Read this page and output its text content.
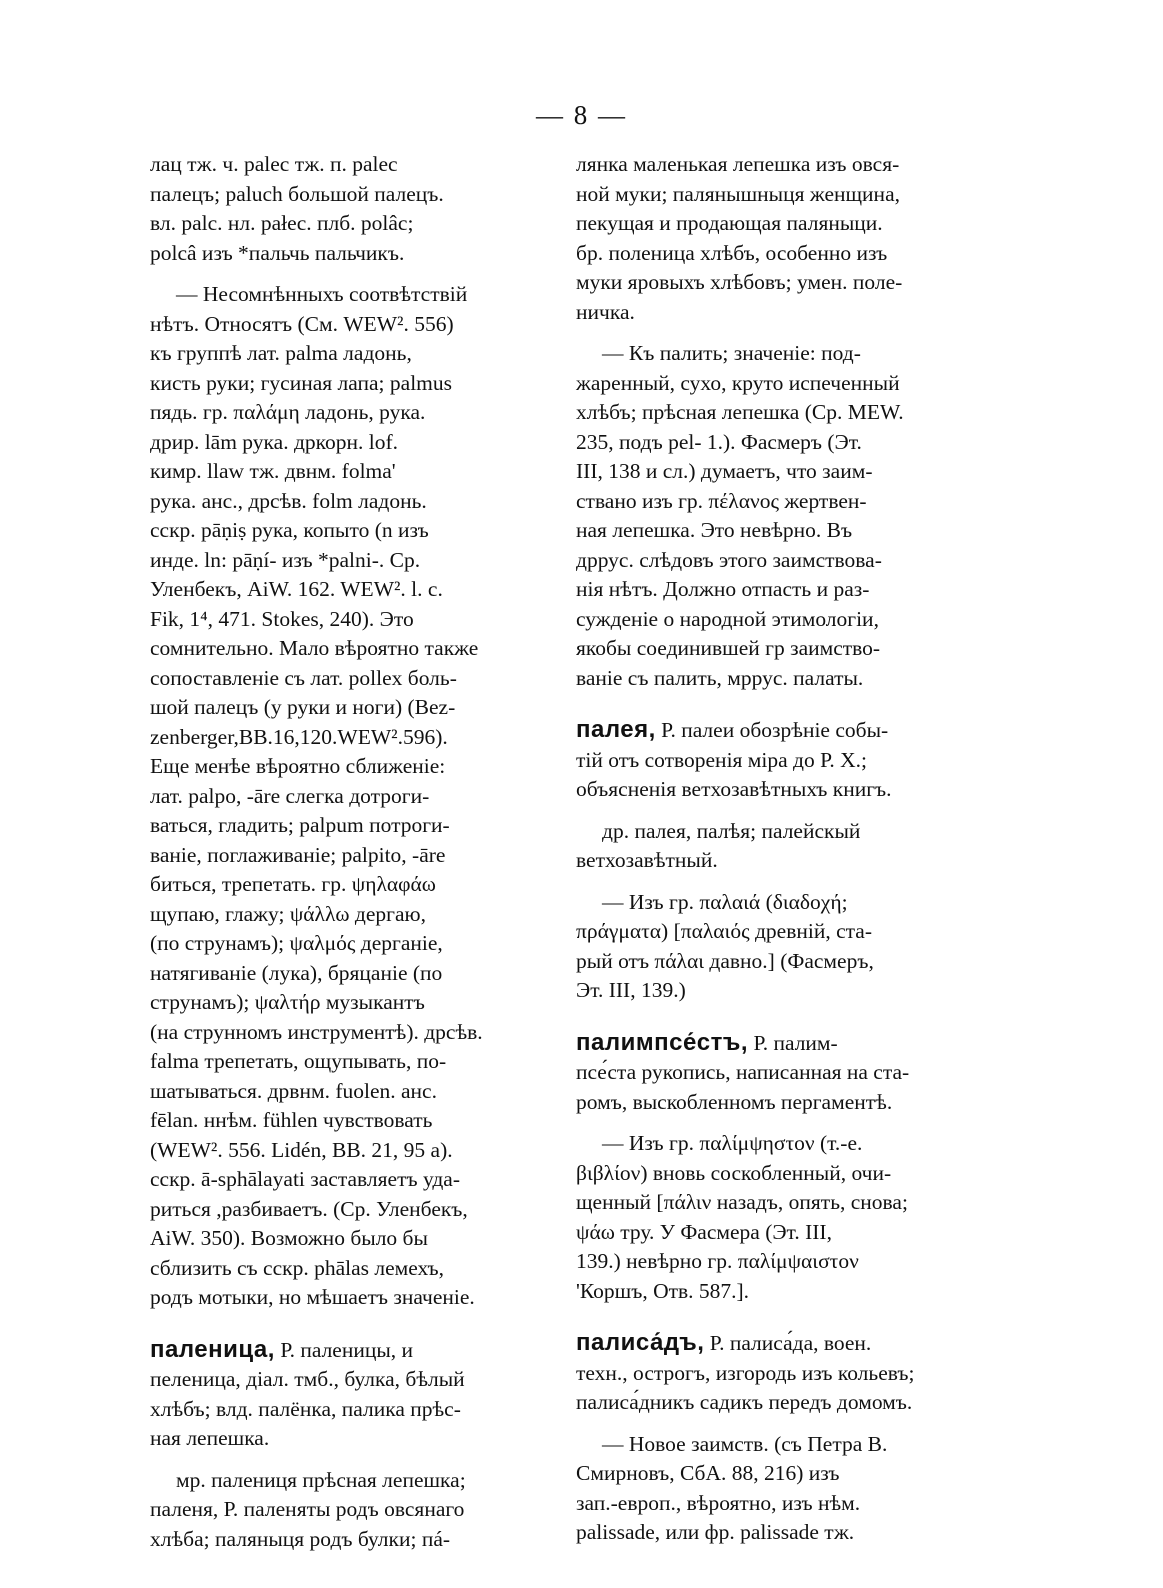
— 8 —
лац тж. ч. palec тж. п. palec
палецъ; paluch большой палецъ.
вл. palc. нл. pałec. плб. polâc;
polcâ изъ *пальчь пальчикъ.
— Несомнѣнныхъ соотвѣтствій
нѣтъ. Относятъ (См. WEW². 556)
къ группѣ лат. palma ладонь,
кисть руки; гусиная лапа; palmus
пядь. гр. παλάμη ладонь, рука.
дрир. lām рука. дркорн. lof.
кимр. llaw тж. двнм. folma'
рука. анс., дрсѣв. folm ладонь.
сскр. pāṇiṣ рука, копыто (n изъ
инде. ln: pāṇí- изъ *palni-. Ср.
Уленбекъ, AiW. 162. WEW². l. c.
Fik, 1⁴, 471. Stokes, 240). Это
сомнительно. Мало вѣроятно также
сопоставленіе съ лат. pollex боль-
шой палецъ (у руки и ноги) (Bez-
zenberger,BB.16,120.WEW².596).
Еще менѣе вѣроятно сближеніе:
лат. palpo, -āre слегка дотроги-
ваться, гладить; palpum потроги-
ваніе, поглаживаніе; palpito, -āre
биться, трепетать. гр. ψηλαφάω
щупаю, глажу; ψάλλω дергаю,
(по струнамъ); ψαλμός дерганіе,
натягиваніе (лука), бряцаніе (по
струнамъ); ψαλτήρ музыкантъ
(на струнномъ инструментѣ). дрсѣв.
falma трепетать, ощупывать, по-
шатываться. дрвнм. fuolen. анс.
fēlan. ннѣм. fühlen чувствовать
(WEW². 556. Lidén, BB. 21, 95 a).
сскр. ā-sphālayati заставляетъ уда-
риться ,разбиваетъ. (Ср. Уленбекъ,
AiW. 350). Возможно было бы
сблизить съ сскр. phālas лемехъ,
родъ мотыки, но мѣшаетъ значеніе.
паленица, Р. паленицы, и
пеленица, діал. тмб., булка, бѣлый
хлѣбъ; влд. палёнка, палика прѣс-
ная лепешка.
мр. палениця прѣсная лепешка;
паленя, Р. паленяты родъ овсянаго
хлѣба; паляныця родъ булки; пá-
лянка маленькая лепешка изъ овся-
ной муки; палянышныця женщина,
пекущая и продающая паляныци.
бр. поленица хлѣбъ, особенно изъ
муки яровыхъ хлѣбовъ; умен. поле-
ничка.
— Къ палить; значеніе: под-
жаренный, сухо, круто испеченный
хлѣбъ; прѣсная лепешка (Ср. MEW.
235, подъ pel- 1.). Фасмеръ (Эт.
III, 138 и сл.) думаетъ, что заим-
ствано изъ гр. πέλανος жертвен-
ная лепешка. Это невѣрно. Въ
дррус. слѣдовъ этого заимствова-
нія нѣтъ. Должно отпасть и раз-
сужденіе о народной этимологіи,
якобы соединившей гр заимство-
ваніе съ палить, мррус. палаты.
палея, Р. палеи обозрѣніе собы-
тій отъ сотворенія міра до Р. Х.;
объясненія ветхозавѣтныхъ книгъ.
др. палея, палѣя; палейскый
ветхозавѣтный.
— Изъ гр. παλαιά (διαδοχή;
πράγματα) [παλαιός древній, ста-
рый отъ πάλαι давно.] (Фасмеръ,
Эт. III, 139.)
палимпсе́стъ, Р. палим-
псе́ста рукопись, написанная на ста-
ромъ, выскобленномъ пергаментѣ.
— Изъ гр. παλίμψηστον (т.-е.
βιβλίον) вновь соскобленный, очи-
щенный [πάλιν назадъ, опять, снова;
ψάω тру. У Фасмера (Эт. III,
139.) невѣрно гр. παλίμψαιστον
'Коршъ, Отв. 587.].
палиса́дъ, Р. палиса́да, воен.
техн., острогъ, изгородь изъ кольевъ;
палиса́дникъ садикъ передъ домомъ.
— Новое заимств. (съ Петра В.
Смирновъ, СбА. 88, 216) изъ
зап.-европ., вѣроятно, изъ нѣм.
palissade, или фр. palissade тж.
